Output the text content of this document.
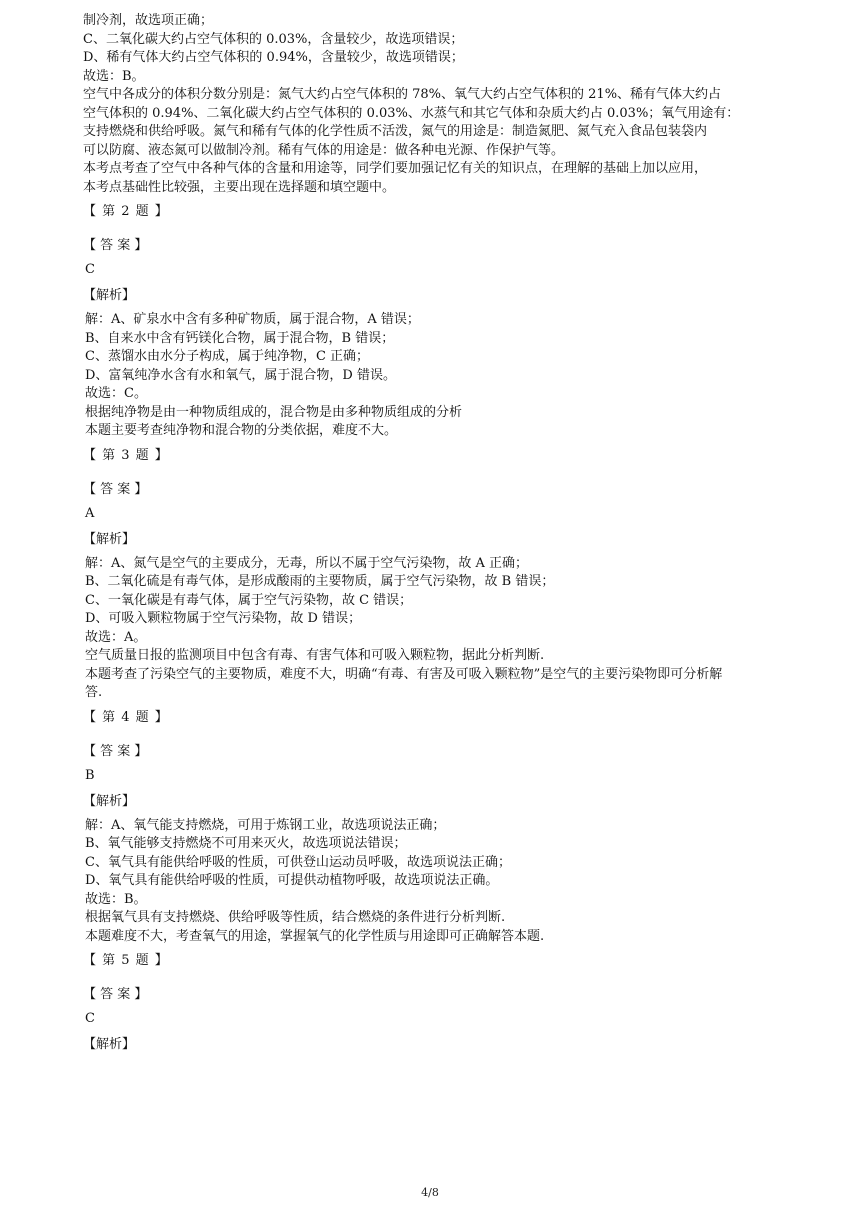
制冷剂，故选项正确；
C、二氧化碳大约占空气体积的 0.03%，含量较少，故选项错误；
D、稀有气体大约占空气体积的 0.94%，含量较少，故选项错误；
故选：B。
空气中各成分的体积分数分别是：氮气大约占空气体积的 78%、氧气大约占空气体积的 21%、稀有气体大约占
空气体积的 0.94%、二氧化碳大约占空气体积的 0.03%、水蒸气和其它气体和杂质大约占 0.03%；氧气用途有：
支持燃烧和供给呼吸。氮气和稀有气体的化学性质不活泼，氮气的用途是：制造氮肥、氮气充入食品包装袋内
可以防腐、液态氮可以做制冷剂。稀有气体的用途是：做各种电光源、作保护气等。
本考点考查了空气中各种气体的含量和用途等，同学们要加强记忆有关的知识点，在理解的基础上加以应用，
本考点基础性比较强，主要出现在选择题和填空题中。
【 第 2 题 】
【 答 案 】
C
【解析】
解：A、矿泉水中含有多种矿物质，属于混合物，A 错误；
B、自来水中含有钙镁化合物，属于混合物，B 错误；
C、蒸馏水由水分子构成，属于纯净物，C 正确；
D、富氧纯净水含有水和氧气，属于混合物，D 错误。
故选：C。
根据纯净物是由一种物质组成的，混合物是由多种物质组成的分析
本题主要考查纯净物和混合物的分类依据，难度不大。
【 第 3 题 】
【 答 案 】
A
【解析】
解：A、氮气是空气的主要成分，无毒，所以不属于空气污染物，故 A 正确；
B、二氧化硫是有毒气体，是形成酸雨的主要物质，属于空气污染物，故 B 错误；
C、一氧化碳是有毒气体，属于空气污染物，故 C 错误；
D、可吸入颗粒物属于空气污染物，故 D 错误；
故选：A。
空气质量日报的监测项目中包含有毒、有害气体和可吸入颗粒物，据此分析判断.
本题考查了污染空气的主要物质，难度不大，明确“有毒、有害及可吸入颗粒物”是空气的主要污染物即可分析解
答.
【 第 4 题 】
【 答 案 】
B
【解析】
解：A、氧气能支持燃烧，可用于炼钢工业，故选项说法正确；
B、氧气能够支持燃烧不可用来灭火，故选项说法错误；
C、氧气具有能供给呼吸的性质，可供登山运动员呼吸，故选项说法正确；
D、氧气具有能供给呼吸的性质，可提供动植物呼吸，故选项说法正确。
故选：B。
根据氧气具有支持燃烧、供给呼吸等性质，结合燃烧的条件进行分析判断.
本题难度不大，考查氧气的用途，掌握氧气的化学性质与用途即可正确解答本题.
【 第 5 题 】
【 答 案 】
C
【解析】
4/8
